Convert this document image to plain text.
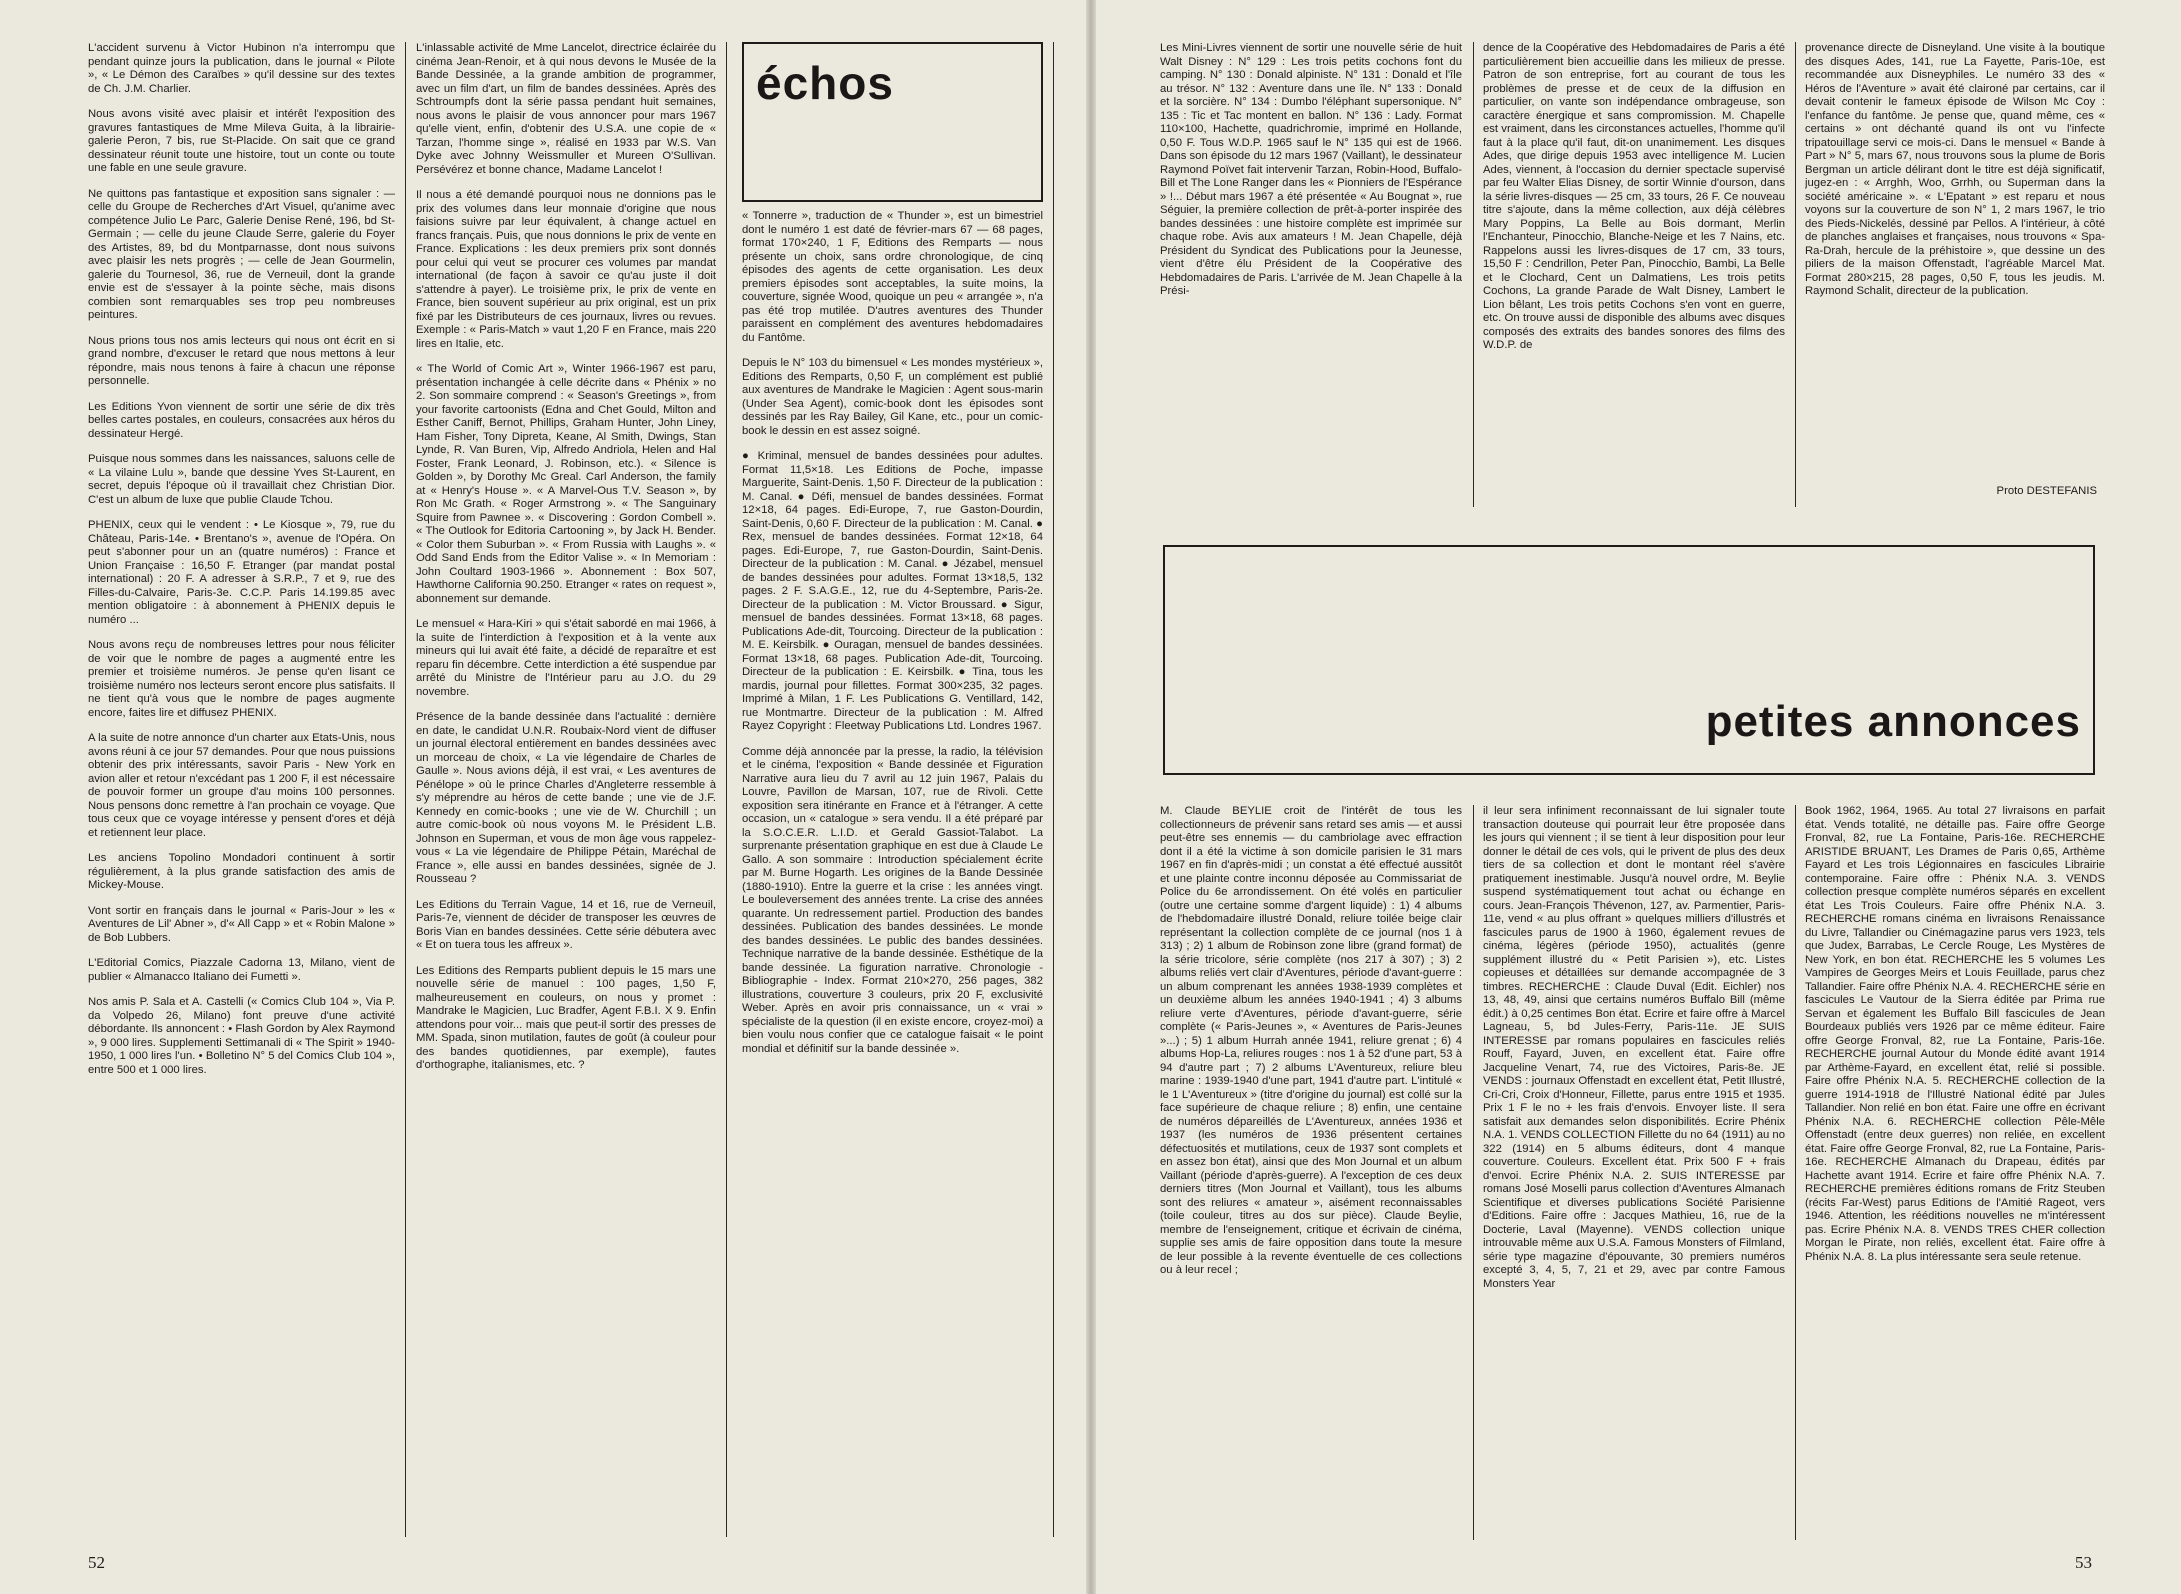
L'accident survenu à Victor Hubinon n'a interrompu que pendant quinze jours la publication, dans le journal « Pilote », « Le Démon des Caraïbes » qu'il dessine sur des textes de Ch. J.M. Charlier.

Nous avons visité avec plaisir et intérêt l'exposition des gravures fantastiques de Mme Mileva Guita, à la librairie-galerie Peron, 7 bis, rue St-Placide. On sait que ce grand dessinateur réunit toute une histoire, tout un conte ou toute une fable en une seule gravure.

Ne quittons pas fantastique et exposition sans signaler : — celle du Groupe de Recherches d'Art Visuel, qu'anime avec compétence Julio Le Parc, Galerie Denise René, 196, bd St-Germain ; — celle du jeune Claude Serre, galerie du Foyer des Artistes, 89, bd du Montparnasse, dont nous suivons avec plaisir les nets progrès ; — celle de Jean Gourmelin, galerie du Tournesol, 36, rue de Verneuil, dont la grande envie est de s'essayer à la pointe sèche, mais disons combien sont remarquables ses trop peu nombreuses peintures.

Nous prions tous nos amis lecteurs qui nous ont écrit en si grand nombre, d'excuser le retard que nous mettons à leur répondre, mais nous tenons à faire à chacun une réponse personnelle.

Les Editions Yvon viennent de sortir une série de dix très belles cartes postales, en couleurs, consacrées aux héros du dessinateur Hergé.

Puisque nous sommes dans les naissances, saluons celle de « La vilaine Lulu », bande que dessine Yves St-Laurent, en secret, depuis l'époque où il travaillait chez Christian Dior. C'est un album de luxe que publie Claude Tchou.

PHENIX, ceux qui le vendent : • Le Kiosque », 79, rue du Château, Paris-14e. • Brentano's », avenue de l'Opéra. On peut s'abonner pour un an (quatre numéros) : France et Union Française : 16,50 F. Etranger (par mandat postal international) : 20 F. A adresser à S.R.P., 7 et 9, rue des Filles-du-Calvaire, Paris-3e. C.C.P. Paris 14.199.85 avec mention obligatoire : à abonnement à PHENIX depuis le numéro ...

Nous avons reçu de nombreuses lettres pour nous féliciter de voir que le nombre de pages a augmenté entre les premier et troisième numéros. Je pense qu'en lisant ce troisième numéro nos lecteurs seront encore plus satisfaits. Il ne tient qu'à vous que le nombre de pages augmente encore, faites lire et diffusez PHENIX.

A la suite de notre annonce d'un charter aux Etats-Unis, nous avons réuni à ce jour 57 demandes. Pour que nous puissions obtenir des prix intéressants, savoir Paris - New York en avion aller et retour n'excédant pas 1 200 F, il est nécessaire de pouvoir former un groupe d'au moins 100 personnes. Nous pensons donc remettre à l'an prochain ce voyage. Que tous ceux que ce voyage intéresse y pensent d'ores et déjà et retiennent leur place.

Les anciens Topolino Mondadori continuent à sortir régulièrement, à la plus grande satisfaction des amis de Mickey-Mouse.

Vont sortir en français dans le journal « Paris-Jour » les « Aventures de Lil' Abner », d'« All Capp » et « Robin Malone » de Bob Lubbers.

L'Editorial Comics, Piazzale Cadorna 13, Milano, vient de publier « Almanacco Italiano dei Fumetti ».

Nos amis P. Sala et A. Castelli (« Comics Club 104 », Via P. da Volpedo 26, Milano) font preuve d'une activité débordante. Ils annoncent : • Flash Gordon by Alex Raymond », 9 000 lires. Supplementi Settimanali di « The Spirit » 1940-1950, 1 000 lires l'un. • Bolletino N° 5 del Comics Club 104 », entre 500 et 1 000 lires.

L'inlassable activité de Mme Lancelot, directrice éclairée du cinéma Jean-Renoir, et à qui nous devons le Musée de la Bande Dessinée, a la grande ambition de programmer, avec un film d'art, un film de bandes dessinées. Après des Schtroumpfs dont la série passa pendant huit semaines, nous avons le plaisir de vous annoncer pour mars 1967 qu'elle vient, enfin, d'obtenir des U.S.A. une copie de « Tarzan, l'homme singe », réalisé en 1933 par W.S. Van Dyke avec Johnny Weissmuller et Mureen O'Sullivan. Persévérez et bonne chance, Madame Lancelot !

Il nous a été demandé pourquoi nous ne donnions pas le prix des volumes dans leur monnaie d'origine que nous faisions suivre par leur équivalent, à change actuel en francs français. Puis, que nous donnions le prix de vente en France. Explications : les deux premiers prix sont donnés pour celui qui veut se procurer ces volumes par mandat international (de façon à savoir ce qu'au juste il doit s'attendre à payer). Le troisième prix, le prix de vente en France, bien souvent supérieur au prix original, est un prix fixé par les Distributeurs de ces journaux, livres ou revues. Exemple : « Paris-Match » vaut 1,20 F en France, mais 220 lires en Italie, etc.

« The World of Comic Art », Winter 1966-1967 est paru, présentation inchangée à celle décrite dans « Phénix » no 2. Son sommaire comprend : « Season's Greetings », from your favorite cartoonists (Edna and Chet Gould, Milton and Esther Caniff, Bernot, Phillips, Graham Hunter, John Liney, Ham Fisher, Tony Dipreta, Keane, Al Smith, Dwings, Stan Lynde, R. Van Buren, Vip, Alfredo Andriola, Helen and Hal Foster, Frank Leonard, J. Robinson, etc.). « Silence is Golden », by Dorothy Mc Greal. Carl Anderson, the family at « Henry's House ». « A Marvel-Ous T.V. Season », by Ron Mc Grath. « Roger Armstrong ». « The Sanguinary Squire from Pawnee ». « Discovering : Gordon Combell ». « The Outlook for Editoria Cartooning », by Jack H. Bender. « Color them Suburban ». « From Russia with Laughs ». « Odd Sand Ends from the Editor Valise ». « In Memoriam : John Coultard 1903-1966 ». Abonnement : Box 507, Hawthorne California 90.250. Etranger « rates on request », abonnement sur demande.

Le mensuel « Hara-Kiri » qui s'était sabordé en mai 1966, à la suite de l'interdiction à l'exposition et à la vente aux mineurs qui lui avait été faite, a décidé de reparaître et est reparu fin décembre. Cette interdiction a été suspendue par arrêté du Ministre de l'Intérieur paru au J.O. du 29 novembre.

Présence de la bande dessinée dans l'actualité : dernière en date, le candidat U.N.R. Roubaix-Nord vient de diffuser un journal électoral entièrement en bandes dessinées avec un morceau de choix, « La vie légendaire de Charles de Gaulle ». Nous avions déjà, il est vrai, « Les aventures de Pénélope » où le prince Charles d'Angleterre ressemble à s'y méprendre au héros de cette bande ; une vie de J.F. Kennedy en comic-books ; une vie de W. Churchill ; un autre comic-book où nous voyons M. le Président L.B. Johnson en Superman, et vous de mon âge vous rappelez-vous « La vie légendaire de Philippe Pétain, Maréchal de France », elle aussi en bandes dessinées, signée de J. Rousseau ?

Les Editions du Terrain Vague, 14 et 16, rue de Verneuil, Paris-7e, viennent de décider de transposer les œuvres de Boris Vian en bandes dessinées. Cette série débutera avec « Et on tuera tous les affreux ».

Les Editions des Remparts publient depuis le 15 mars une nouvelle série de manuel : 100 pages, 1,50 F, malheureusement en couleurs, on nous y promet : Mandrake le Magicien, Luc Bradfer, Agent F.B.I. X 9. Enfin attendons pour voir... mais que peut-il sortir des presses de MM. Spada, sinon mutilation, fautes de goût (à couleur pour des bandes quotidiennes, par exemple), fautes d'orthographe, italianismes, etc. ?

échos

« Tonnerre », traduction de « Thunder », est un bimestriel dont le numéro 1 est daté de février-mars 67 — 68 pages, format 170×240, 1 F, Editions des Remparts — nous présente un choix, sans ordre chronologique, de cinq épisodes des agents de cette organisation. Les deux premiers épisodes sont acceptables, la suite moins, la couverture, signée Wood, quoique un peu « arrangée », n'a pas été trop mutilée. D'autres aventures des Thunder paraissent en complément des aventures hebdomadaires du Fantôme.

Depuis le N° 103 du bimensuel « Les mondes mystérieux », Editions des Remparts, 0,50 F, un complément est publié aux aventures de Mandrake le Magicien : Agent sous-marin (Under Sea Agent), comic-book dont les épisodes sont dessinés par les Ray Bailey, Gil Kane, etc., pour un comic-book le dessin en est assez soigné.

● Kriminal, mensuel de bandes dessinées pour adultes. Format 11,5×18. Les Editions de Poche, impasse Marguerite, Saint-Denis. 1,50 F. Directeur de la publication : M. Canal. ● Défi, mensuel de bandes dessinées. Format 12×18, 64 pages. Edi-Europe, 7, rue Gaston-Dourdin, Saint-Denis, 0,60 F. Directeur de la publication : M. Canal. ● Rex, mensuel de bandes dessinées. Format 12×18, 64 pages. Edi-Europe, 7, rue Gaston-Dourdin, Saint-Denis. Directeur de la publication : M. Canal. ● Jézabel, mensuel de bandes dessinées pour adultes. Format 13×18,5, 132 pages. 2 F. S.A.G.E., 12, rue du 4-Septembre, Paris-2e. Directeur de la publication : M. Victor Broussard. ● Sigur, mensuel de bandes dessinées. Format 13×18, 68 pages. Publications Ade-dit, Tourcoing. Directeur de la publication : M. E. Keirsbilk. ● Ouragan, mensuel de bandes dessinées. Format 13×18, 68 pages. Publication Ade-dit, Tourcoing. Directeur de la publication : E. Keirsbilk. ● Tina, tous les mardis, journal pour fillettes. Format 300×235, 32 pages. Imprimé à Milan, 1 F. Les Publications G. Ventillard, 142, rue Montmartre. Directeur de la publication : M. Alfred Rayez Copyright : Fleetway Publications Ltd. Londres 1967.

Comme déjà annoncée par la presse, la radio, la télévision et le cinéma, l'exposition « Bande dessinée et Figuration Narrative aura lieu du 7 avril au 12 juin 1967, Palais du Louvre, Pavillon de Marsan, 107, rue de Rivoli. Cette exposition sera itinérante en France et à l'étranger. A cette occasion, un « catalogue » sera vendu. Il a été préparé par la S.O.C.E.R. L.I.D. et Gerald Gassiot-Talabot. La surprenante présentation graphique en est due à Claude Le Gallo. A son sommaire : Introduction spécialement écrite par M. Burne Hogarth. Les origines de la Bande Dessinée (1880-1910). Entre la guerre et la crise : les années vingt. Le bouleversement des années trente. La crise des années quarante. Un redressement partiel. Production des bandes dessinées. Publication des bandes dessinées. Le monde des bandes dessinées. Le public des bandes dessinées. Technique narrative de la bande dessinée. Esthétique de la bande dessinée. La figuration narrative. Chronologie - Bibliographie - Index. Format 210×270, 256 pages, 382 illustrations, couverture 3 couleurs, prix 20 F, exclusivité Weber. Après en avoir pris connaissance, un « vrai » spécialiste de la question (il en existe encore, croyez-moi) a bien voulu nous confier que ce catalogue faisait « le point mondial et définitif sur la bande dessinée ».

52

Les Mini-Livres viennent de sortir une nouvelle série de huit Walt Disney : N° 129 : Les trois petits cochons font du camping. N° 130 : Donald alpiniste. N° 131 : Donald et l'île au trésor. N° 132 : Aventure dans une île. N° 133 : Donald et la sorcière. N° 134 : Dumbo l'éléphant supersonique. N° 135 : Tic et Tac montent en ballon. N° 136 : Lady. Format 110×100, Hachette, quadrichromie, imprimé en Hollande, 0,50 F. Tous W.D.P. 1965 sauf le N° 135 qui est de 1966. Dans son épisode du 12 mars 1967 (Vaillant), le dessinateur Raymond Poïvet fait intervenir Tarzan, Robin-Hood, Buffalo-Bill et The Lone Ranger dans les « Pionniers de l'Espérance » !... Début mars 1967 a été présentée « Au Bougnat », rue Séguier, la première collection de prêt-à-porter inspirée des bandes dessinées : une histoire complète est imprimée sur chaque robe. Avis aux amateurs ! M. Jean Chapelle, déjà Président du Syndicat des Publications pour la Jeunesse, vient d'être élu Président de la Coopérative des Hebdomadaires de Paris. L'arrivée de M. Jean Chapelle à la Prési-

dence de la Coopérative des Hebdomadaires de Paris a été particulièrement bien accueillie dans les milieux de presse. Patron de son entreprise, fort au courant de tous les problèmes de presse et de ceux de la diffusion en particulier, on vante son indépendance ombrageuse, son caractère énergique et sans compromission. M. Chapelle est vraiment, dans les circonstances actuelles, l'homme qu'il faut à la place qu'il faut, dit-on unanimement. Les disques Ades, que dirige depuis 1953 avec intelligence M. Lucien Ades, viennent, à l'occasion du dernier spectacle supervisé par feu Walter Elias Disney, de sortir Winnie d'ourson, dans la série livres-disques — 25 cm, 33 tours, 26 F. Ce nouveau titre s'ajoute, dans la même collection, aux déjà célèbres Mary Poppins, La Belle au Bois dormant, Merlin l'Enchanteur, Pinocchio, Blanche-Neige et les 7 Nains, etc. Rappelons aussi les livres-disques de 17 cm, 33 tours, 15,50 F : Cendrillon, Peter Pan, Pinocchio, Bambi, La Belle et le Clochard, Cent un Dalmatiens, Les trois petits Cochons, La grande Parade de Walt Disney, Lambert le Lion bêlant, Les trois petits Cochons s'en vont en guerre, etc. On trouve aussi de disponible des albums avec disques composés des extraits des bandes sonores des films des W.D.P. de

provenance directe de Disneyland. Une visite à la boutique des disques Ades, 141, rue La Fayette, Paris-10e, est recommandée aux Disneyphiles. Le numéro 33 des « Héros de l'Aventure » avait été claironé par certains, car il devait contenir le fameux épisode de Wilson Mc Coy : l'enfance du fantôme. Je pense que, quand même, ces « certains » ont déchanté quand ils ont vu l'infecte tripatouillage servi ce mois-ci. Dans le mensuel « Bande à Part » N° 5, mars 67, nous trouvons sous la plume de Boris Bergman un article délirant dont le titre est déjà significatif, jugez-en : « Arrghh, Woo, Grrhh, ou Superman dans la société américaine ». « L'Epatant » est reparu et nous voyons sur la couverture de son N° 1, 2 mars 1967, le trio des Pieds-Nickelés, dessiné par Pellos. A l'intérieur, à côté de planches anglaises et françaises, nous trouvons « Spa-Ra-Drah, hercule de la préhistoire », que dessine un des piliers de la maison Offenstadt, l'agréable Marcel Mat. Format 280×215, 28 pages, 0,50 F, tous les jeudis. M. Raymond Schalit, directeur de la publication.

Proto DESTEFANIS
petites annonces

M. Claude BEYLIE croit de l'intérêt de tous les collectionneurs de prévenir sans retard ses amis — et aussi peut-être ses ennemis — du cambriolage avec effraction dont il a été la victime à son domicile parisien le 31 mars 1967 en fin d'après-midi ; un constat a été effectué aussitôt et une plainte contre inconnu déposée au Commissariat de Police du 6e arrondissement. On été volés en particulier (outre une certaine somme d'argent liquide) : 1) 4 albums de l'hebdomadaire illustré Donald, reliure toilée beige clair représentant la collection complète de ce journal (nos 1 à 313) ; 2) 1 album de Robinson zone libre (grand format) de la série tricolore, série complète (nos 217 à 307) ; 3) 2 albums reliés vert clair d'Aventures, période d'avant-guerre : un album comprenant les années 1938-1939 complètes et un deuxième album les années 1940-1941 ; 4) 3 albums reliure verte d'Aventures, période d'avant-guerre, série complète (« Paris-Jeunes », « Aventures de Paris-Jeunes »...) ; 5) 1 album Hurrah année 1941, reliure grenat ; 6) 4 albums Hop-La, reliures rouges : nos 1 à 52 d'une part, 53 à 94 d'autre part ; 7) 2 albums L'Aventureux, reliure bleu marine : 1939-1940 d'une part, 1941 d'autre part. L'intitulé « le 1 L'Aventureux » (titre d'origine du journal) est collé sur la face supérieure de chaque reliure ; 8) enfin, une centaine de numéros dépareillés de L'Aventureux, années 1936 et 1937 (les numéros de 1936 présentent certaines défectuosités et mutilations, ceux de 1937 sont complets et en assez bon état), ainsi que des Mon Journal et un album Vaillant (période d'après-guerre). A l'exception de ces deux derniers titres (Mon Journal et Vaillant), tous les albums sont des reliures « amateur », aisément reconnaissables (toile couleur, titres au dos sur pièce). Claude Beylie, membre de l'enseignement, critique et écrivain de cinéma, supplie ses amis de faire opposition dans toute la mesure de leur possible à la revente éventuelle de ces collections ou à leur recel ;

il leur sera infiniment reconnaissant de lui signaler toute transaction douteuse qui pourrait leur être proposée dans les jours qui viennent ; il se tient à leur disposition pour leur donner le détail de ces vols, qui le privent de plus des deux tiers de sa collection et dont le montant réel s'avère pratiquement inestimable. Jusqu'à nouvel ordre, M. Beylie suspend systématiquement tout achat ou échange en cours. Jean-François Thévenon, 127, av. Parmentier, Paris-11e, vend « au plus offrant » quelques milliers d'illustrés et fascicules parus de 1900 à 1960, également revues de cinéma, légères (période 1950), actualités (genre supplément illustré du « Petit Parisien »), etc. Listes copieuses et détaillées sur demande accompagnée de 3 timbres. RECHERCHE : Claude Duval (Edit. Eichler) nos 13, 48, 49, ainsi que certains numéros Buffalo Bill (même édit.) à 0,25 centimes Bon état. Ecrire et faire offre à Marcel Lagneau, 5, bd Jules-Ferry, Paris-11e. JE SUIS INTERESSE par romans populaires en fascicules reliés Rouff, Fayard, Juven, en excellent état. Faire offre Jacqueline Venart, 74, rue des Victoires, Paris-8e. JE VENDS : journaux Offenstadt en excellent état, Petit Illustré, Cri-Cri, Croix d'Honneur, Fillette, parus entre 1915 et 1935. Prix 1 F le no + les frais d'envois. Envoyer liste. Il sera satisfait aux demandes selon disponibilités. Ecrire Phénix N.A. 1. VENDS COLLECTION Fillette du no 64 (1911) au no 322 (1914) en 5 albums éditeurs, dont 4 manque couverture. Couleurs. Excellent état. Prix 500 F + frais d'envoi. Ecrire Phénix N.A. 2. SUIS INTERESSE par romans José Moselli parus collection d'Aventures Almanach Scientifique et diverses publications Société Parisienne d'Editions. Faire offre : Jacques Mathieu, 16, rue de la Docterie, Laval (Mayenne). VENDS collection unique introuvable même aux U.S.A. Famous Monsters of Filmland, série type magazine d'épouvante, 30 premiers numéros excepté 3, 4, 5, 7, 21 et 29, avec par contre Famous Monsters Year

Book 1962, 1964, 1965. Au total 27 livraisons en parfait état. Vends totalité, ne détaille pas. Faire offre George Fronval, 82, rue La Fontaine, Paris-16e. RECHERCHE ARISTIDE BRUANT, Les Drames de Paris 0,65, Arthème Fayard et Les trois Légionnaires en fascicules Librairie contemporaine. Faire offre : Phénix N.A. 3. VENDS collection presque complète numéros séparés en excellent état Les Trois Couleurs. Faire offre Phénix N.A. 3. RECHERCHE romans cinéma en livraisons Renaissance du Livre, Tallandier ou Cinémagazine parus vers 1923, tels que Judex, Barrabas, Le Cercle Rouge, Les Mystères de New York, en bon état. RECHERCHE les 5 volumes Les Vampires de Georges Meirs et Louis Feuillade, parus chez Tallandier. Faire offre Phénix N.A. 4. RECHERCHE série en fascicules Le Vautour de la Sierra éditée par Prima rue Servan et également les Buffalo Bill fascicules de Jean Bourdeaux publiés vers 1926 par ce même éditeur. Faire offre George Fronval, 82, rue La Fontaine, Paris-16e. RECHERCHE journal Autour du Monde édité avant 1914 par Arthème-Fayard, en excellent état, relié si possible. Faire offre Phénix N.A. 5. RECHERCHE collection de la guerre 1914-1918 de l'Illustré National édité par Jules Tallandier. Non relié en bon état. Faire une offre en écrivant Phénix N.A. 6. RECHERCHE collection Pêle-Mêle Offenstadt (entre deux guerres) non reliée, en excellent état. Faire offre George Fronval, 82, rue La Fontaine, Paris-16e. RECHERCHE Almanach du Drapeau, édités par Hachette avant 1914. Ecrire et faire offre Phénix N.A. 7. RECHERCHE premières éditions romans de Fritz Steuben (récits Far-West) parus Editions de l'Amitié Rageot, vers 1946. Attention, les rééditions nouvelles ne m'intéressent pas. Ecrire Phénix N.A. 8. VENDS TRES CHER collection Morgan le Pirate, non reliés, excellent état. Faire offre à Phénix N.A. 8. La plus intéressante sera seule retenue.

53
